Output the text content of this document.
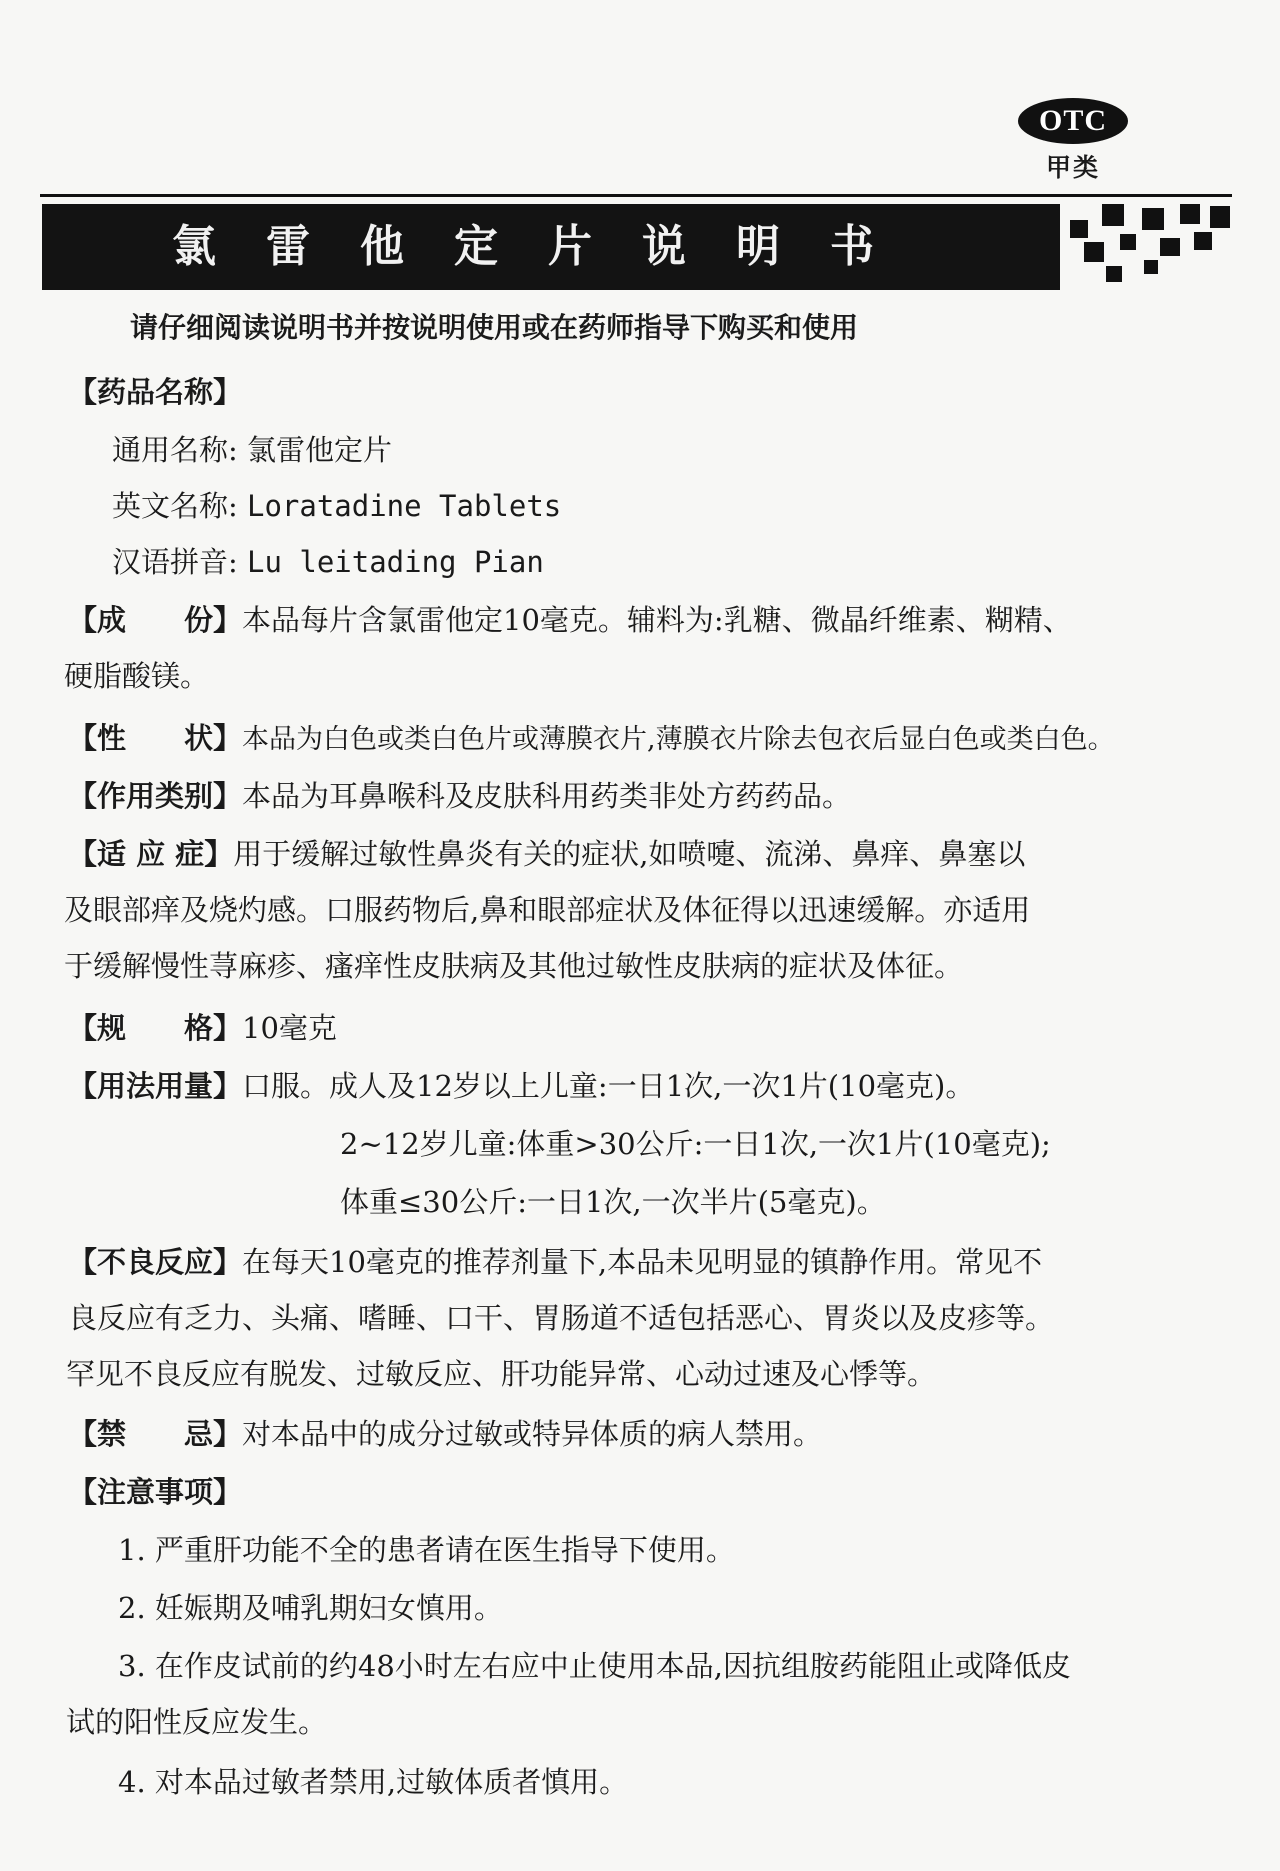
OTC
甲类
氯雷他定片说明书
请仔细阅读说明书并按说明使用或在药师指导下购买和使用
【药品名称】
通用名称: 氯雷他定片
英文名称: Loratadine Tablets
汉语拼音: Lu leitading Pian
【成　　份】本品每片含氯雷他定10毫克。辅料为:乳糖、微晶纤维素、糊精、
硬脂酸镁。
【性　　状】本品为白色或类白色片或薄膜衣片,薄膜衣片除去包衣后显白色或类白色。
【作用类别】本品为耳鼻喉科及皮肤科用药类非处方药药品。
【适 应 症】用于缓解过敏性鼻炎有关的症状,如喷嚏、流涕、鼻痒、鼻塞以
及眼部痒及烧灼感。口服药物后,鼻和眼部症状及体征得以迅速缓解。亦适用
于缓解慢性荨麻疹、瘙痒性皮肤病及其他过敏性皮肤病的症状及体征。
【规　　格】10毫克
【用法用量】口服。成人及12岁以上儿童:一日1次,一次1片(10毫克)。
2~12岁儿童:体重>30公斤:一日1次,一次1片(10毫克);
体重≤30公斤:一日1次,一次半片(5毫克)。
【不良反应】在每天10毫克的推荐剂量下,本品未见明显的镇静作用。常见不
良反应有乏力、头痛、嗜睡、口干、胃肠道不适包括恶心、胃炎以及皮疹等。
罕见不良反应有脱发、过敏反应、肝功能异常、心动过速及心悸等。
【禁　　忌】对本品中的成分过敏或特异体质的病人禁用。
【注意事项】
1. 严重肝功能不全的患者请在医生指导下使用。
2. 妊娠期及哺乳期妇女慎用。
3. 在作皮试前的约48小时左右应中止使用本品,因抗组胺药能阻止或降低皮
试的阳性反应发生。
4. 对本品过敏者禁用,过敏体质者慎用。
